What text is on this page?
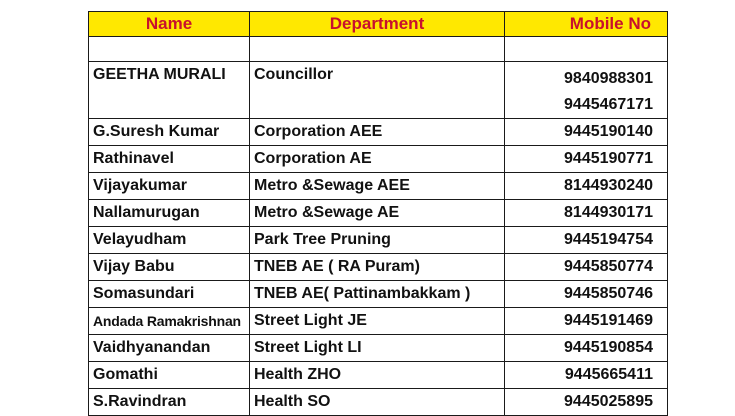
Name	Department	Mobile No

GEETHA MURALI	Councillor	9840988301
9445467171

G.Suresh Kumar	Corporation AEE	9445190140
Rathinavel	Corporation AE	9445190771
Vijayakumar	Metro &Sewage AEE	8144930240
Nallamurugan	Metro &Sewage AE	8144930171
Velayudham	Park Tree Pruning	9445194754
Vijay Babu	TNEB AE ( RA Puram)	9445850774
Somasundari	TNEB AE( Pattinambakkam )	9445850746
Andada Ramakrishnan	Street Light JE	9445191469
Vaidhyanandan	Street Light LI	9445190854
Gomathi	Health ZHO	9445665411
S.Ravindran	Health SO	9445025895
